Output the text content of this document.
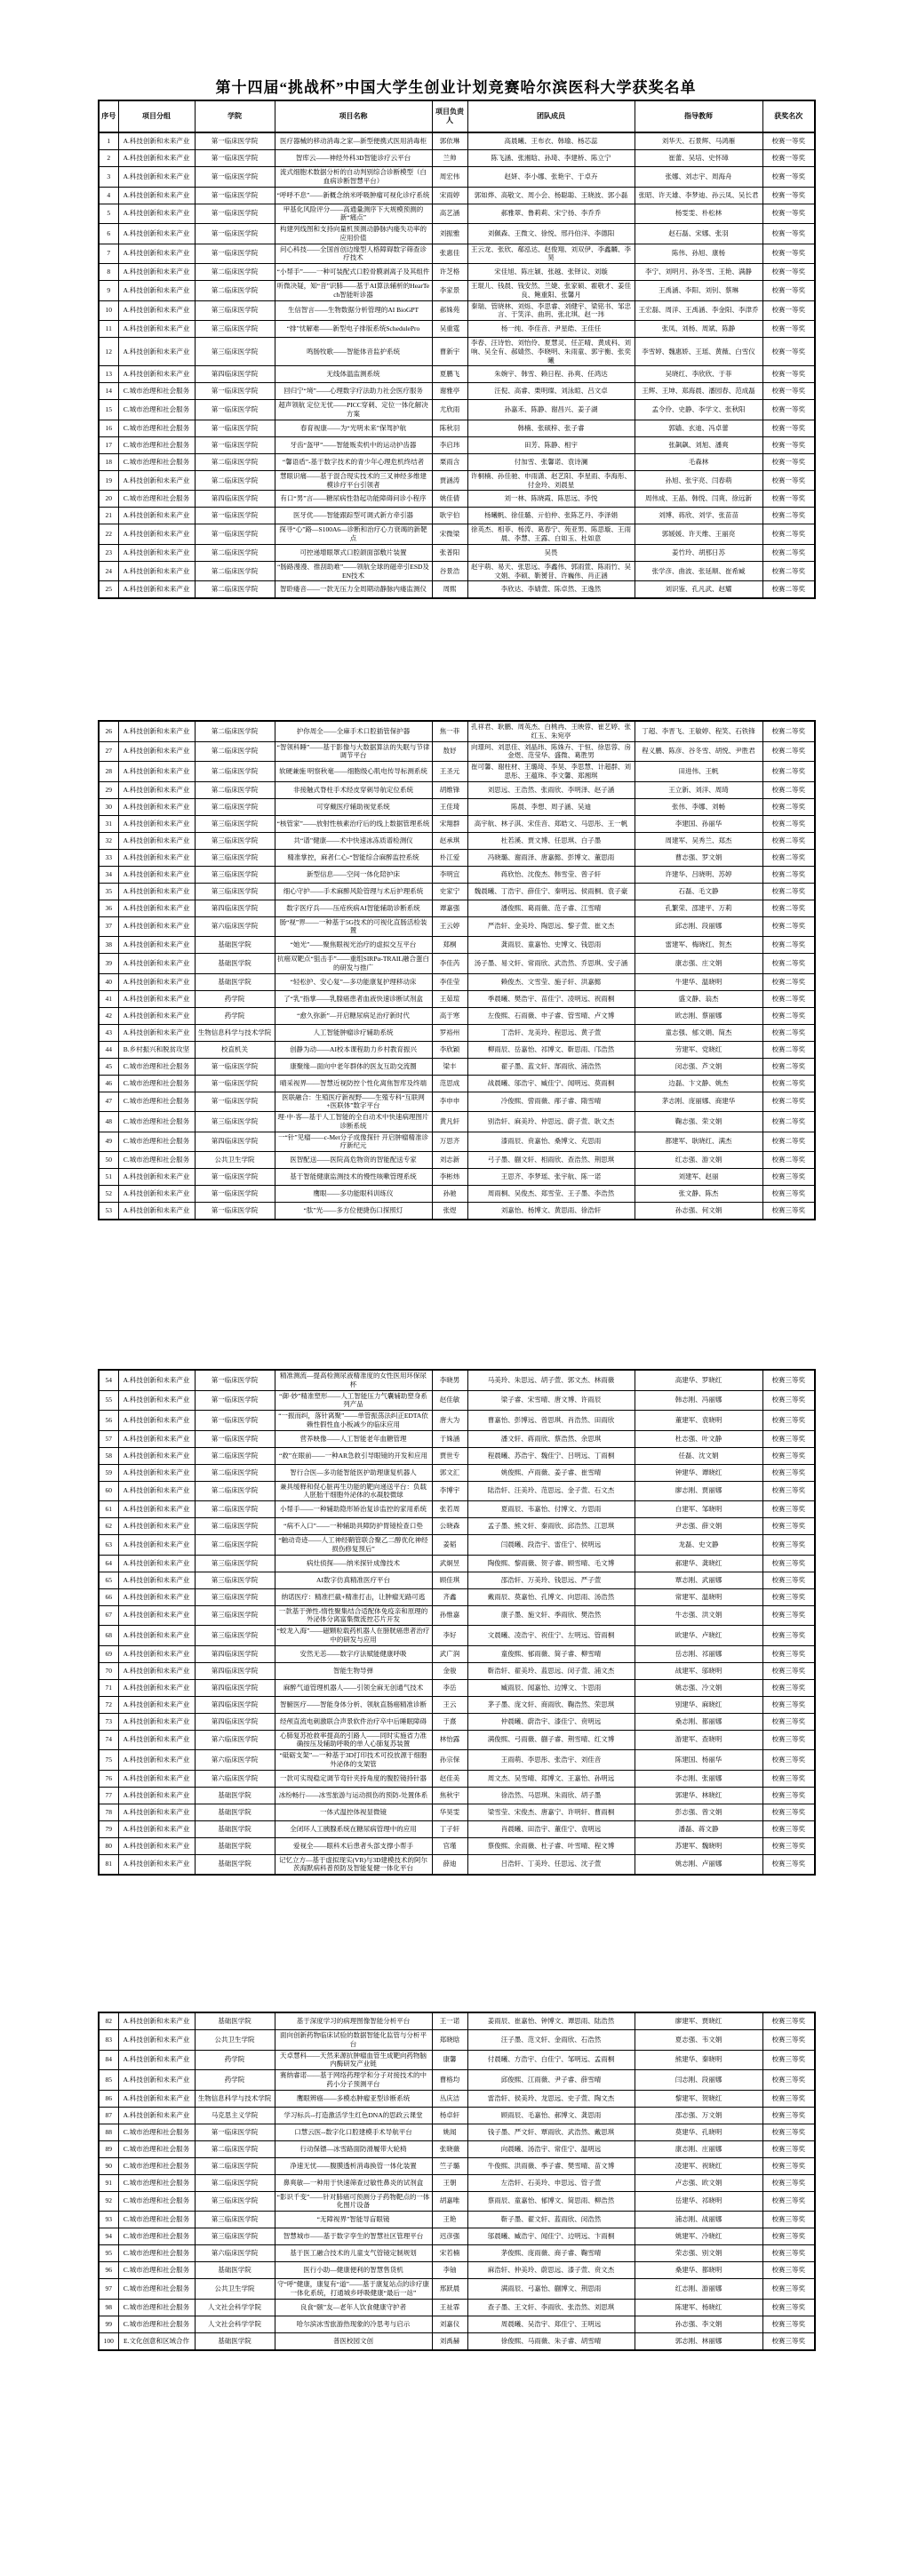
第十四届“挑战杯”中国大学生创业计划竞赛哈尔滨医科大学获奖名单
序号	项目分组	学院	项目名称	项目负责人	团队成员	指导教师	获奖名次
1	A.科技创新和未来产业	第一临床医学院	医疗器械的移动消毒之家—新型便携式医用消毒柜	郭依琳	高晨曦、王布衣、韩瑜、杨芯蕊	刘华天、石景辉、马鸿雁	校赛一等奖
2	A.科技创新和未来产业	第一临床医学院	智库云——神经外科3D智能诊疗云平台	兰帅	陈飞涵、张湘晗、孙琦、李建桥、陈立宁	崔蕾、吴培、史怀璋	校赛一等奖
3	A.科技创新和未来产业	第一临床医学院	流式细胞术数据分析的自动判别综合诊断模型（白血病诊断智慧平台）	周宏伟	赵妍、李小娜、张艳宇、于卓卉	张娜、刘志宇、周海舟	校赛一等奖
4	A.科技创新和未来产业	第一临床医学院	“呼呼不息”——新概念纳米呼吸肿瘤可视化诊疗系统	宋雨婷	郭如烨、高敬文、周小会、杨聪聪、王晓波、郭小磊	张昭、许天雄、李梦迪、孙云凤、吴长君	校赛一等奖
5	A.科技创新和未来产业	第一临床医学院	甲基化风险评分——高通量测序下大规模预测的新“痛点”	高艺涵	郝雅翠、鲁莉莉、宋宁扬、李乔乔	杨雯雯、朴松林	校赛一等奖
6	A.科技创新和未来产业	第一临床医学院	构建列线图和支持向量机预测动静脉内瘘失功率的应用价值	刘振雅	刘佩森、王微文、徐悦、邢丹伯洋、李德阳	赵石磊、宋娜、张羽	校赛一等奖
7	A.科技创新和未来产业	第一临床医学院	问心科技——全国首创边缘型人格障碍数字筛查诊疗技术	张惠佳	王云龙、张欣、郗泓达、赵俊翔、刘双伊、李鑫麟、李昊	陈伟、孙旭、康杨	校赛一等奖
8	A.科技创新和未来产业	第二临床医学院	“小帮手”——一种可装配式口腔骨膜剥离子及其组件	许芝格	宋佳旭、陈庄颖、张越、张铎议、刘璇	李宁、刘明月、孙冬雪、王艳、满静	校赛一等奖
9	A.科技创新和未来产业	第二临床医学院	听微决疑，知“音”识肺——基于AI算法辅析的HearTech智能听诊器	李家景	王琨儿、钱晨、钱安然、兰婕、张家硕、霍敬才、姜佳良、鲍重阳、张馨月	王禹涵、李阳、刘钊、蔡琳	校赛一等奖
10	A.科技创新和未来产业	第三临床医学院	生信智言——生物数据分析管理的AI BioGPT	郝姝苑	秦瑞、管晓林、刘烁、李思睿、刘健宇、梁铭书、邹忠言、于笑洋、曲玥、张北琪、赵一玮	王宏磊、周洋、王禹涵、李金阳、李津乔	校赛一等奖
11	A.科技创新和未来产业	第三临床医学院	“排”忧解难——新型电子排版系统SchedulePro	吴重霆	杨一纯、李佳音、尹星皓、王佳任	张凤、刘杨、周斌、陈静	校赛一等奖
12	A.科技创新和未来产业	第三临床医学院	鸣肠牧歌——智能体音监护系统	曹新宇	李春、汪诗怡、刘怡伶、夏慧灵、任芷晴、黄成科、刘响、吴全有、郝婧然、李晓明、朱雨童、郭宇衡、张奕曦	李雪婷、魏惠娇、王瑶、黄薇、白雪仪	校赛一等奖
13	A.科技创新和未来产业	第四临床医学院	无线体温监测系统	夏鹏飞	朱婉宇、韩雪、赖日程、孙爽、任鸿达	吴晓红、李欣欣、于菲	校赛一等奖
14	C.城市治理和社会服务	第一临床医学院	回归宁“境”——心理数字疗法助力社会医疗服务	谢雅亭	汪倪、高睿、栗明璨、刘泳暄、吕文卓	王辉、王坤、郑海晨、潘园春、范成磊	校赛一等奖
15	C.城市治理和社会服务	第一临床医学院	超声领航 定位无忧——PICC穿刺、定位一体化解决方案	尤欣雨	孙嘉禾、陈静、谢昌兴、姜子湖	孟令伶、史静、李学文、张秋阳	校赛一等奖
16	C.城市治理和社会服务	第一临床医学院	春育视康——为“光明未来”保驾护航	陈秋羽	韩楠、张硕梓、张子睿	郭嫱、玄迪、冯卓蕾	校赛一等奖
17	C.城市治理和社会服务	第一临床医学院	牙齿“盔甲”——智能贩卖机中的运动护齿器	李启玮	田芳、陈静、相宇	张飙飙、刘旭、潘爽	校赛一等奖
18	C.城市治理和社会服务	第二临床医学院	“馨语盾”-基于数字技术的青少年心理危机终结者	栗雨含	付加雪、张馨诺、袁诗澜	毛森林	校赛一等奖
19	A.科技创新和未来产业	第二临床医学院	慧眼识痛——基于混合现实技术的三叉神经多维建模诊疗平台引领者	贾涵涛	许桐楠、孙佳驰、申雨潇、赵艺阳、李星雨、李海彤、付金玲、刘晨星	孙旭、张宇亮、闫春萌	校赛一等奖
20	C.城市治理和社会服务	第四临床医学院	有口“男”言——糖尿病性勃起功能障碍问诊小程序	姚佳倩	刘一林、陈晓霞、陈思远、李悦	周伟成、王晶、韩悦、闫爽、徐远新	校赛一等奖
21	A.科技创新和未来产业	第一临床医学院	医牙优——智能跟踪型可调式新方牵引器	耿宇伯	杨曦帆、徐佳璐、亓伯仲、张陈艺丹、李泽娟	刘博、蒋欣、刘学、张苗苗	校赛二等奖
22	A.科技创新和未来产业	第一临床医学院	探寻“心”路—S100A6—诊断和治疗心力衰竭的新靶点	宋微梁	徐英杰、相菲、杨涛、葛春宁、苑亚男、陈思璇、王雨晨、李慧、王露、白如玉、杜如意	郭媛媛、许天维、王丽亮	校赛二等奖
23	A.科技创新和未来产业	第二临床医学院	可控递增眼罩式口腔颌面部敷片装置	张普阳	吴畏	姜竹玲、胡那日苏	校赛二等奖
24	A.科技创新和未来产业	第二临床医学院	“肠路漫漫、推刮助难”——领航全球的磁牵引ESD及EN技术	谷景浩	赵宇萌、易天、张思远、李鑫伟、郭雨萱、陈雨竹、吴文娟、李硕、靳赟昔、许巍伟、肖正涵	张学彦、曲波、张延顺、崔希臧	校赛二等奖
25	A.科技创新和未来产业	第二临床医学院	智聆瘘音——一款无压力全周期动静脉内瘘监测仪	周熙	李欣达、李婧萱、陈卓然、王逸然	刘识鉴、孔凡武、赵耀	校赛二等奖
26	A.科技创新和未来产业	第二临床医学院	护你周全——全麻手术口腔插管保护器	焦一菲	孔祥君、耿鹏、周英杰、白桃冉、王映蓉、崔艺婷、张红玉、朱宛亭	丁超、李晋飞、王敏婷、程笑、石铁锋	校赛二等奖
27	A.科技创新和未来产业	第二临床医学院	“智领科睡”——基于影像与大数据算法的失眠与节律调节平台	敖妤	向璟珂、刘思佳、刘晶玮、陈姝卉、于恒、徐思蓉、房金煜、范莹华、盛微、葛胜男	程义鹏、陈彦、谷冬雪、胡悦、尹胜君	校赛二等奖
28	A.科技创新和未来产业	第二临床医学院	软硬兼施 明察秋毫——细胞级心肌电传导标测系统	王圣元	崔可馨、谢柱材、王璐琦、李昊、李思慧、计超群、刘思彤、王蕴珠、李文馨、郑湘琪	田进伟、王帆	校赛二等奖
29	A.科技创新和未来产业	第二临床医学院	非接触式脊柱手术经皮穿刺导航定位系统	胡维锋	刘思远、王浩然、张雨欣、李明泽、赵子涵	王立新、刘洋、周琦	校赛二等奖
30	A.科技创新和未来产业	第二临床医学院	可穿戴医疗辅助视觉系统	王佳琦	陈晨、李想、周子涵、吴迪	张伟、李娜、刘畅	校赛二等奖
31	A.科技创新和未来产业	第三临床医学院	“核管家”——放射性核素治疗后的线上数据管理系统	宋翔群	高宇航、林子淇、宋佳音、郑皓文、马思彤、王一帆	李建国、孙丽华	校赛二等奖
32	A.科技创新和未来产业	第三临床医学院	共“谱”健康——术中快速冰冻质谱检测仪	赵承琪	杜若溪、贾文博、任思琪、白子墨	周建军、吴秀兰、郑杰	校赛二等奖
33	A.科技创新和未来产业	第三临床医学院	精准掌控，麻者仁心-“智能综合麻醉监控系统	朴江爱	冯晓璐、谢雨泽、唐嘉懿、彭博文、董思雨	曹志强、罗文娟	校赛二等奖
34	A.科技创新和未来产业	第三临床医学院	新型信息——空间一体化陪护床	李明宜	蒋欣怡、沈俊杰、韩雪莹、曾子轩	许建华、吕晓明、苏婷	校赛二等奖
35	A.科技创新和未来产业	第三临床医学院	细心守护——手术麻醉风险管理与术后护理系统	史家宁	魏晨曦、丁浩宇、薛佳宁、秦明远、侯雨桐、袁子豪	石磊、毛文静	校赛二等奖
36	A.科技创新和未来产业	第四临床医学院	数字医疗兵——压疮疾病AI智能辅助诊断系统	谭嘉强	潘俊熙、葛雨薇、范子睿、江雪晴	孔繁荣、邵建平、万莉	校赛二等奖
37	A.科技创新和未来产业	第六临床医学院	肠“视”界——一种基于5G技术的可视化直肠活检装置	王云婷	严浩轩、金美玲、陶思远、黎子萱、崔文杰	邱志刚、段丽娜	校赛二等奖
38	A.科技创新和未来产业	基础医学院	“她光”——聚焦眼视光治疗的虚拟交互平台	郑桐	龚雨辰、童嘉怡、史博文、钱思雨	雷建军、梅晓红、贺杰	校赛二等奖
39	A.科技创新和未来产业	基础医学院	抗癌双靶点“狙击手”——重组SIRPα-TRAIL融合蛋白的研发与推广	李佳芮	汤子墨、易文轩、常雨欣、武浩然、乔思琪、安子涵	康志强、庄文娟	校赛二等奖
40	A.科技创新和未来产业	基础医学院	“轻松护、安心复”—多功能康复护理移动床	李佳莹	赖俊杰、文雪莹、施子轩、洪嘉懿	牛建华、温晓明	校赛二等奖
41	A.科技创新和未来产业	药学院	了“乳”指掌——乳腺癌患者血液快速诊断试剂盒	王茹瑄	季晨曦、樊浩宇、苗佳宁、凌明远、祝雨桐	盛文静、翁杰	校赛二等奖
42	A.科技创新和未来产业	药学院	“愈久弥新”—开启糖尿病足治疗新时代	高于寒	左俊熙、石雨薇、申子睿、管雪晴、卢文博	欧志刚、蔡丽娜	校赛二等奖
43	A.科技创新和未来产业	生物信息科学与技术学院	人工智能肿瘤诊疗辅助系统	罗裕州	丁浩轩、龙美玲、程思远、黄子萱	童志强、郁文娟、简杰	校赛二等奖
44	B.乡村振兴和脱贫攻坚	校直机关	创静为动——AI校本课程助力乡村教育振兴	李欣颖	柳雨辰、岳嘉怡、祁博文、靳思雨、邝浩然	劳建军、党晓红	校赛二等奖
45	C.城市治理和社会服务	第一临床医学院	康聚缘—面向中老年群体的医友互助交流圈	梁丰	翟子墨、蓝文轩、郜雨欣、浦浩然	闵志强、芦文娟	校赛二等奖
46	C.城市治理和社会服务	第一临床医学院	晴采视界——智慧近视防控个性化离焦智库及终端	范思成	战晨曦、邬浩宇、臧佳宁、闻明远、莫雨桐	边磊、卞文静、姚杰	校赛二等奖
47	C.城市治理和社会服务	第一临床医学院	医联融合：生殖医疗新视野——生殖专科“互联网+医联体”数字平台	李申申	冷俊熙、訾雨薇、邴子睿、隋雪晴	茅志刚、庞丽娜、商建华	校赛二等奖
48	C.城市治理和社会服务	第三临床医学院	理·中·客—基于人工智能的全自动术中快速病理图片诊断系统	黄凡轩	别浩轩、麻美玲、仲思远、蔚子萱、耿文杰	鞠志强、荣文娟	校赛二等奖
49	C.城市治理和社会服务	第四临床医学院	一“针”见瘤——c-Met分子成像探针 开启肿瘤精准诊疗新纪元	万思齐	漆雨辰、贲嘉怡、桑博文、充思雨	都建军、耿晓红、满杰	校赛二等奖
50	C.城市治理和社会服务	公共卫生学院	医智配送——医院高危物资的智能配送专家	刘志新	弓子墨、蒯文轩、相雨欣、查浩然、荆思琪	红志强、游文娟	校赛二等奖
51	A.科技创新和未来产业	第一临床医学院	基于智能健康监测技术的慢性咳嗽管理系统	李彬炜	王思齐、李梦瑶、张宇航、陈一诺	刘建军、赵丽	校赛三等奖
52	A.科技创新和未来产业	第一临床医学院	鹰眼——多功能眼科训练仪	孙驰	周雨桐、吴俊杰、郑雪莹、王子墨、李浩然	张文静、陈杰	校赛三等奖
53	A.科技创新和未来产业	第一临床医学院	“肽”光——多方位便捷伤口探照灯	张煜	刘嘉怡、杨博文、黄思雨、徐浩轩	孙志强、何文娟	校赛三等奖
54	A.科技创新和未来产业	第一临床医学院	精准测流—提高检测尿液精准度的女性医用环保尿杯	李晓男	马美玲、朱思远、胡子萱、郭文杰、林雨薇	高建华、罗晓红	校赛三等奖
55	A.科技创新和未来产业	第一临床医学院	“御·妙”精准塑形——人工智能压力气囊辅助塑身系列产品	赵佳敏	梁子睿、宋雪晴、唐文博、许雨辰	韩志刚、冯丽娜	校赛三等奖
56	A.科技创新和未来产业	第一临床医学院	“一振而纠，落针离聚”——单管振荡法纠正EDTA依赖性假性血小板减少的临床应用	唐大为	曹嘉怡、彭博远、曾思琪、肖浩然、田雨欣	董建军、袁晓明	校赛三等奖
57	A.科技创新和未来产业	第一临床医学院	营养映像——人工智能老年血糖管理	于姝涵	潘文轩、蒋雨欣、蔡浩然、余思琪	杜志强、叶文静	校赛三等奖
58	A.科技创新和未来产业	第二临床医学院	“救”在眼前——一种AR急救引导眼镜的开发和应用	贾世专	程晨曦、苏浩宇、魏佳宁、吕明远、丁雨桐	任磊、沈文娟	校赛三等奖
59	A.科技创新和未来产业	第二临床医学院	智行合医—多功能智能医护助理康复机器人	郭文汇	姚俊熙、卢雨薇、姜子睿、崔雪晴	钟建华、谭晓红	校赛三等奖
60	A.科技创新和未来产业	第二临床医学院	兼具缓释和促心脏再生功能的靶向递送平台：负载人胚胎干细胞外泌体的水凝胶微球	李博宇	陆浩轩、汪美玲、范思远、金子萱、石文杰	廖志刚、贾丽娜	校赛三等奖
61	A.科技创新和未来产业	第二临床医学院	小帮手——一种辅助隐形矫治复诊监控的家用系统	张若周	夏雨辰、韦嘉怡、付博文、方思雨	白建军、邹晓明	校赛三等奖
62	A.科技创新和未来产业	第二临床医学院	“病不入口”——一种辅助具障防护胃镜检查口垫	公晓森	孟子墨、熊文轩、秦雨欣、邱浩然、江思琪	尹志强、薛文娟	校赛三等奖
63	A.科技创新和未来产业	第二临床医学院	“触动奇迹——人工神经鞘管联合聚乙二醇优化神经损伤修复预后”	姜韬	闫晨曦、段浩宇、雷佳宁、侯明远	龙磊、史文静	校赛三等奖
64	A.科技创新和未来产业	第三临床医学院	病灶侦探——纳米探针成像技术	武炯昱	陶俊熙、黎雨薇、贺子睿、顾雪晴、毛文博	郝建华、龚晓红	校赛三等奖
65	A.科技创新和未来产业	第三临床医学院	AI数字仿真精准医疗平台	顾佳琪	邵浩轩、万美玲、钱思远、严子萱	覃志刚、武丽娜	校赛三等奖
66	A.科技创新和未来产业	第三临床医学院	纳诺医疗：精准拦截+精准打击，让肿瘤无路可逃	齐鑫	戴雨辰、莫嘉怡、孔博文、向思雨、汤浩然	常建军、温晓明	校赛三等奖
67	A.科技创新和未来产业	第三临床医学院	一款基于弹性-惰性聚集结合适配体免疫亲和原理的外泌体分离富集微流控芯片开发	孙惟嘉	康子墨、施文轩、季雨欣、樊浩然	牛志强、洪文娟	校赛三等奖
68	A.科技创新和未来产业	第三临床医学院	“蛟龙入海”——磁颗粒载药机器人在膀胱癌患者治疗中的研发与应用	李好	文晨曦、凌浩宇、祝佳宁、左明远、管雨桐	欧建华、卢晓红	校赛三等奖
69	A.科技创新和未来产业	第四临床医学院	安然无恙——数字疗法赋能健康呼吸	武广润	童俊熙、郁雨薇、简子睿、柳雪晴	岳志刚、祁丽娜	校赛三等奖
70	A.科技创新和未来产业	第四临床医学院	智能生物导弹	金骏	靳浩轩、翟美玲、蓝思远、闵子萱、浦文杰	战建军、邬晓明	校赛三等奖
71	A.科技创新和未来产业	第四临床医学院	麻醉气道管理机器人——引领全麻无创通气技术	李岳	臧雨辰、闻嘉怡、边博文、卞思雨	姚志强、冷文娟	校赛三等奖
72	A.科技创新和未来产业	第四临床医学院	智腑医疗——智能身体分析、领航直肠癌精准诊断	王云	茅子墨、庞文轩、商雨欣、鞠浩然、荣思琪	别建华、麻晓红	校赛三等奖
73	A.科技创新和未来产业	第四临床医学院	经颅直流电刺激联合声景软件治疗卒中后睡眠障碍	于熹	仲晨曦、蔚浩宇、漆佳宁、贲明远	桑志刚、都丽娜	校赛三等奖
74	A.科技创新和未来产业	第六临床医学院	心肺复苏抢救率提高的引路人——同时实施省力准确按压及辅助呼吸的单人心肺复苏装置	林怡露	满俊熙、弓雨薇、蒯子睿、荆雪晴、红文博	游建军、查晓明	校赛三等奖
75	A.科技创新和未来产业	第六临床医学院	“砥砺支架”—一种基于3D打印技术可投放源于细胞外泌体的支架管	孙宗保	王雨萌、李思彤、张浩宇、刘佳音	陈建国、杨丽华	校赛三等奖
76	A.科技创新和未来产业	第六临床医学院	一款可实现稳定调节弯针夹持角度的腹腔镜持针器	赵佳美	周文杰、吴雪晴、郑博文、王嘉怡、孙明远	李志刚、张丽娜	校赛三等奖
77	A.科技创新和未来产业	基础医学院	冰纷畅行——冰雪旅游与运动损伤的预防-处置体系	焦秋宇	徐浩然、马思琪、朱雨欣、胡子墨	郭建华、林晓红	校赛三等奖
78	A.科技创新和未来产业	基础医学院	一体式温控体视显微镜	华昊雯	梁雪莹、宋俊杰、唐嘉宁、许明轩、曹雨桐	彭志强、曾文娟	校赛三等奖
79	A.科技创新和未来产业	基础医学院	全闭环人工胰腺系统在糖尿病管理中的应用	丁子轩	肖晨曦、田浩宇、董佳宁、袁明远	潘磊、蒋文静	校赛三等奖
80	A.科技创新和未来产业	基础医学院	爱视全——眼科术后患者头部支撑小帮手	官瑾	蔡俊熙、余雨薇、杜子睿、叶雪晴、程文博	苏建军、魏晓明	校赛三等奖
81	A.科技创新和未来产业	基础医学院	记忆立方—基于虚拟现实(VR)与3D建模技术的阿尔茨海默病科普预防及智能复健一体化平台	薛迪	吕浩轩、丁美玲、任思远、沈子萱	姚志刚、卢丽娜	校赛三等奖
82	A.科技创新和未来产业	基础医学院	基于深度学习的病理图像智能分析平台	王一诺	姜雨辰、崔嘉怡、钟博文、谭思雨、陆浩然	廖建军、贾晓红	校赛三等奖
83	A.科技创新和未来产业	公共卫生学院	面向创新药物临床试验的数据智能化监管与分析平台	郑晓晗	汪子墨、范文轩、金雨欣、石浩然	夏志强、韦文娟	校赛三等奖
84	A.科技创新和未来产业	药学院	天卓慧科——天然来源抗肿瘤血管生成靶向药物脑内酶研发产业链	康馨	付晨曦、方浩宇、白佳宁、邹明远、孟雨桐	熊建华、秦晓明	校赛三等奖
85	A.科技创新和未来产业	药学院	赛纳睿诺——基于网络药理学和分子对接技术的中药小分子预测平台	曹格均	邱俊熙、江雨薇、尹子睿、薛雪晴	闫志刚、段丽娜	校赛三等奖
86	A.科技创新和未来产业	生物信息科学与技术学院	鹰眼辨癌——多模态肿瘤亚型诊断系统	丛庆洁	雷浩轩、侯美玲、龙思远、史子萱、陶文杰	黎建军、贺晓红	校赛三等奖
87	A.科技创新和未来产业	马克思主义学院	学习标兵--打造激活学生红色DNA的思政云课堂	杨卓轩	顾雨辰、毛嘉怡、郝博文、龚思雨	邵志强、万文娟	校赛三等奖
88	C.城市治理和社会服务	第一临床医学院	口慧云医--数字化口腔建模手术导航平台	姚闻	钱子墨、严文轩、覃雨欣、武浩然、戴思琪	莫建华、孔晓明	校赛三等奖
89	C.城市治理和社会服务	第二临床医学院	行动保镖—冰雪路面防滑履带大轮椅	张晓薇	向晨曦、汤浩宇、常佳宁、温明远	康志刚、庄丽娜	校赛三等奖
90	C.城市治理和社会服务	第二临床医学院	净速无忧——腹膜透析消毒换管一体化装置	竺子璐	牛俊熙、洪雨薇、季子睿、樊雪晴、苗文博	凌建军、祝晓红	校赛三等奖
91	C.城市治理和社会服务	第二临床医学院	鼻爽敏—一种用于快速筛查过敏性鼻炎的试剂盒	王朝	左浩轩、石美玲、申思远、管子萱	卢志强、欧文娟	校赛三等奖
92	C.城市治理和社会服务	第三临床医学院	“影识千变”——针对肺癌可预测分子药物靶点的一体化图片设备	胡嘉唯	蔡雨辰、童嘉怡、郁博文、简思雨、柳浩然	岳建华、祁晓明	校赛三等奖
93	C.城市治理和社会服务	第三临床医学院	“无障视界”智能导盲眼镜	王艳	靳子墨、翟文轩、蓝雨欣、闵浩然	浦志刚、战丽娜	校赛三等奖
94	C.城市治理和社会服务	第三临床医学院	智慧城市——基于数字孪生的智慧社区管理平台	迟彦强	邬晨曦、臧浩宇、闻佳宁、边明远、卞雨桐	姚建军、冷晓红	校赛三等奖
95	C.城市治理和社会服务	第六临床医学院	基于医工融合技术的儿童支气管镜定制规划	宋若楠	茅俊熙、庞雨薇、商子睿、鞠雪晴	荣志强、别文娟	校赛三等奖
96	C.城市治理和社会服务	基础医学院	医行小助—健康便利的智慧售货机	李铀	麻浩轩、仲美玲、蔚思远、漆子萱、贲文杰	桑建华、都晓明	校赛三等奖
97	C.城市治理和社会服务	公共卫生学院	守“呼”健康，康复有“道”——基于康复站点的诊疗康一体化系统，打通城乡呼吸健康“最后一站”	邢跃晨	满雨辰、弓嘉怡、蒯博文、荆思雨	红志刚、游丽娜	校赛三等奖
98	C.城市治理和社会服务	人文社会科学学院	良食“颐”友—老年人饮食健康守护者	王祉霏	查子墨、王文轩、李雨欣、张浩然、刘思琪	陈建军、杨晓红	校赛三等奖
99	C.城市治理和社会服务	人文社会科学学院	哈尔滨冰雪旅游热现象的冷思考与启示	刘嘉仪	周晨曦、吴浩宇、郑佳宁、王明远	孙志强、李文娟	校赛三等奖
100	E.文化创意和区域合作	基础医学院	普医校园文创	刘禹赫	徐俊熙、马雨薇、朱子睿、胡雪晴	郭志刚、林丽娜	校赛三等奖
